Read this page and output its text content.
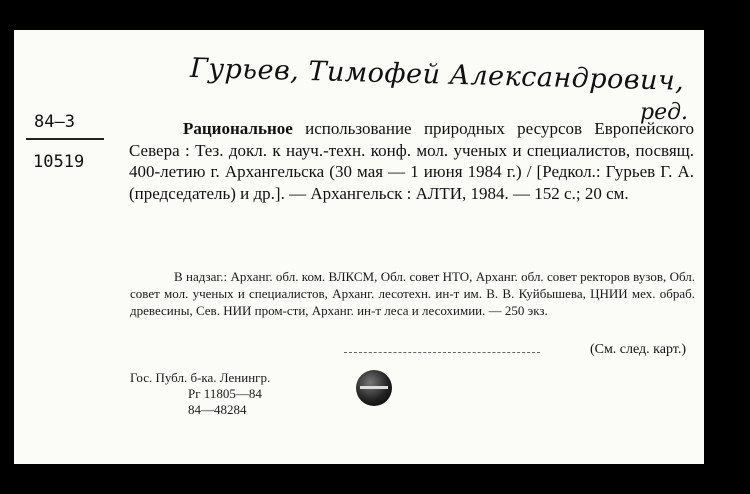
Гурьев, Тимофей Александрович,
ред.
84—3
10519
Рациональное использование природных ресурсов Европейского Севера : Тез. докл. к науч.-техн. конф. мол. ученых и специалистов, посвящ. 400-летию г. Архангельска (30 мая — 1 июня 1984 г.) / [Редкол.: Гурьев Г. А. (председатель) и др.]. — Архангельск : АЛТИ, 1984. — 152 с.; 20 см.
В надзаг.: Арханг. обл. ком. ВЛКСМ, Обл. совет НТО, Арханг. обл. совет ректоров вузов, Обл. совет мол. ученых и специалистов, Арханг. лесотехн. ин-т им. В. В. Куйбышева, ЦНИИ мех. обраб. древесины, Сев. НИИ пром-сти, Арханг. ин-т леса и лесохимии. — 250 экз.
(См. след. карт.)
Гос. Публ. б-ка. Ленингр.
Рг 11805—84
84—48284
